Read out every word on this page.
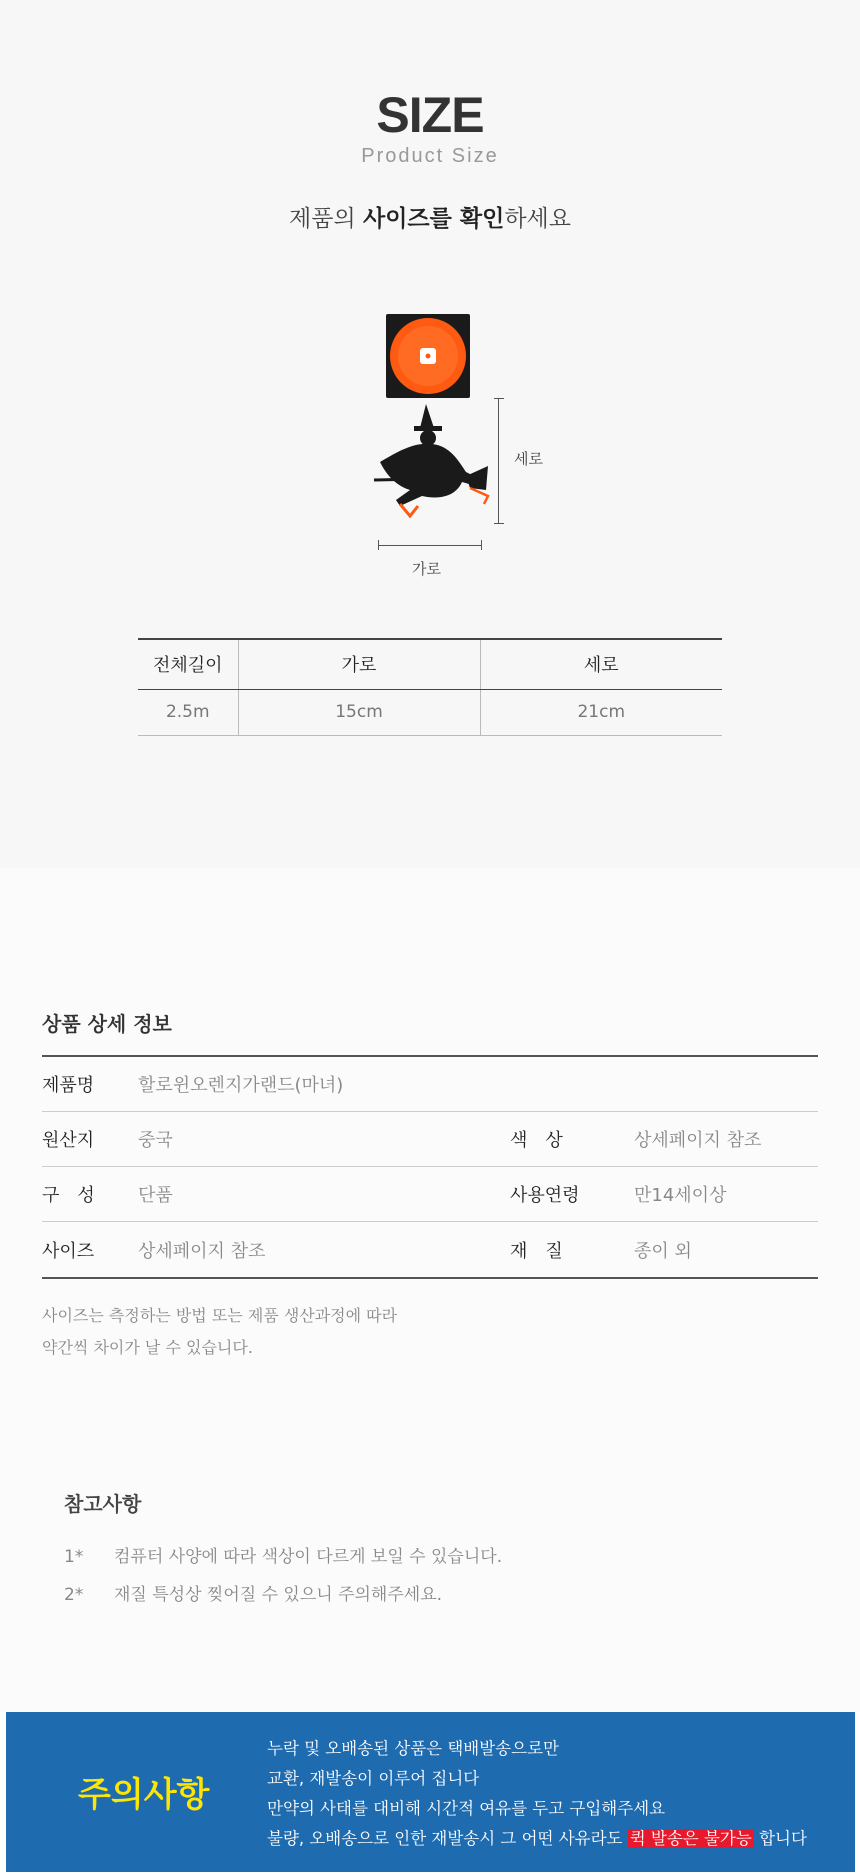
SIZE
Product Size
제품의 사이즈를 확인하세요
세로
가로
전체길이	가로	세로
2.5m	15cm	21cm
상품 상세 정보
제품명	할로윈오렌지가랜드(마녀)
원산지	중국	색　상	상세페이지 참조
구　성	단품	사용연령	만14세이상
사이즈	상세페이지 참조	재　질	종이 외
사이즈는 측정하는 방법 또는 제품 생산과정에 따라
약간씩 차이가 날 수 있습니다.
참고사항
1* 컴퓨터 사양에 따라 색상이 다르게 보일 수 있습니다.
2* 재질 특성상 찢어질 수 있으니 주의해주세요.
주의사항
누락 및 오배송된 상품은 택배발송으로만
교환, 재발송이 이루어 집니다
만약의 사태를 대비해 시간적 여유를 두고 구입해주세요
불량, 오배송으로 인한 재발송시 그 어떤 사유라도 퀵 발송은 불가능 합니다
